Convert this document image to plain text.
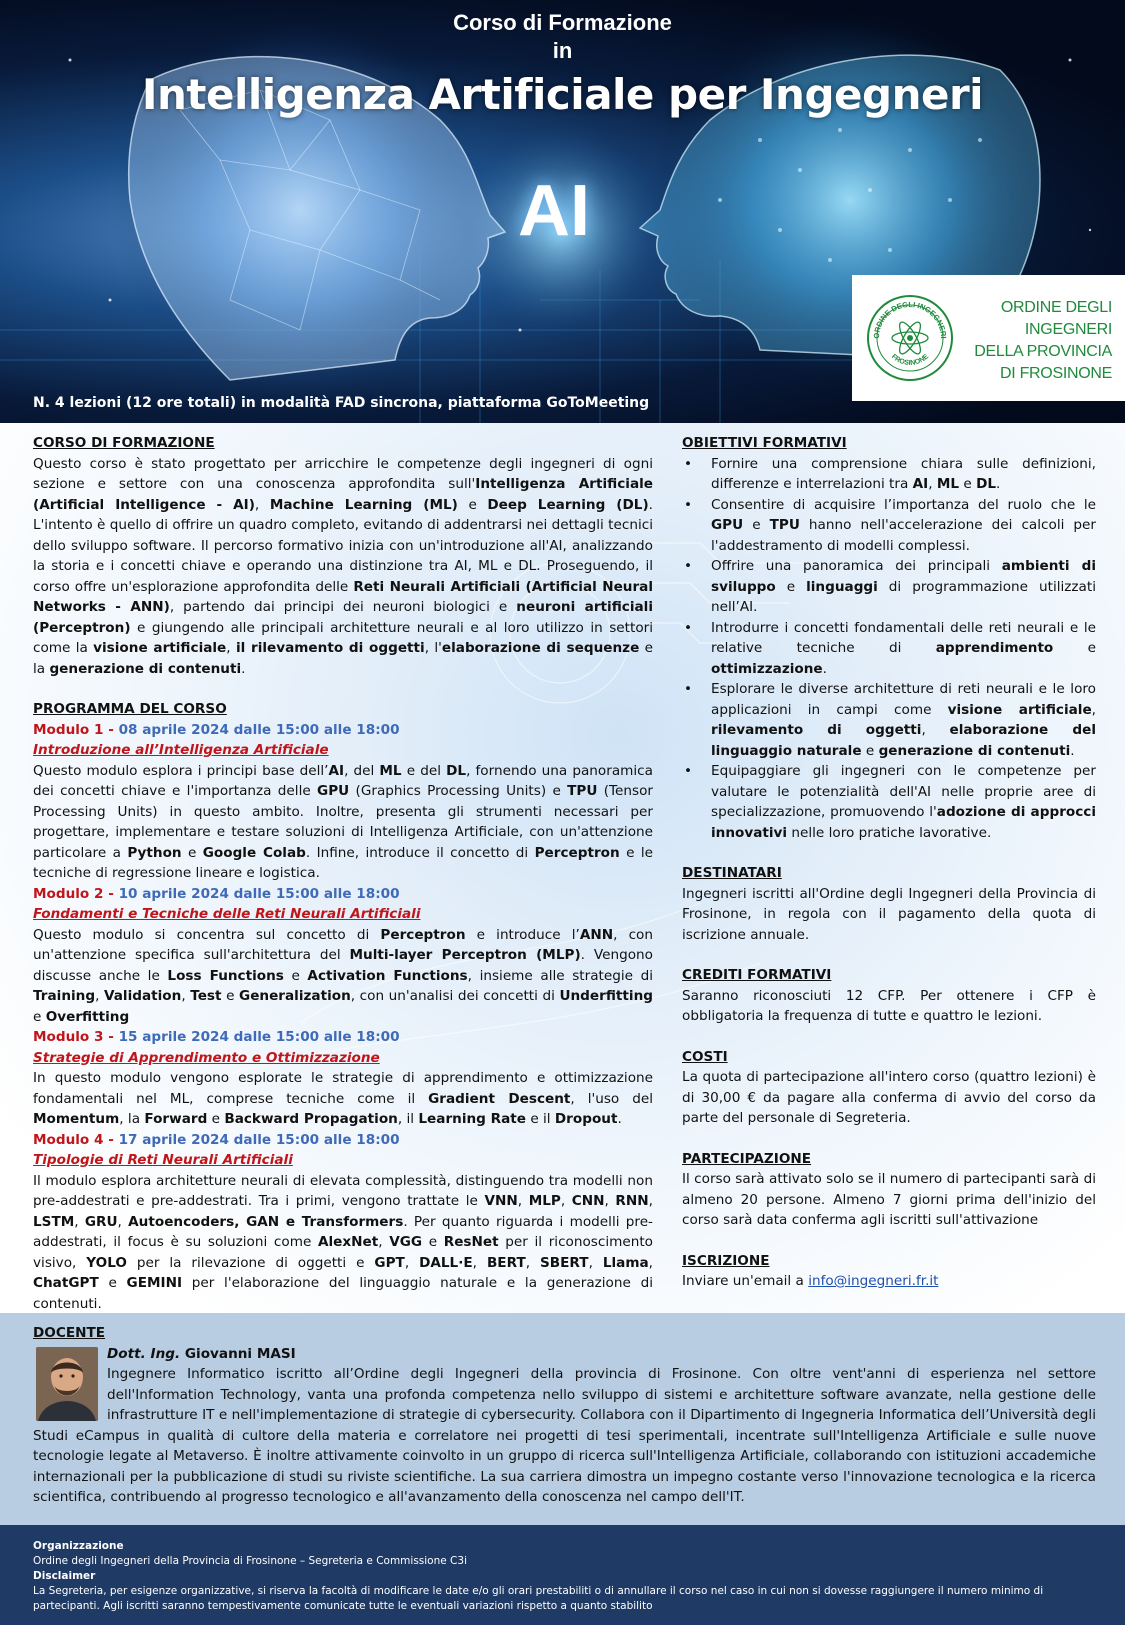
Corso di Formazione
in
Intelligenza Artificiale per Ingegneri
AI
N. 4 lezioni (12 ore totali) in modalità FAD sincrona, piattaforma GoToMeeting
ORDINE DEGLI INGEGNERI
FROSINONE
ORDINE DEGLI INGEGNERI
DELLA PROVINCIA
DI FROSINONE

CORSO DI FORMAZIONE

Questo corso è stato progettato per arricchire le competenze degli ingegneri di ogni sezione e settore con una conoscenza approfondita sull'Intelligenza Artificiale (Artificial Intelligence - AI), Machine Learning (ML) e Deep Learning (DL). L'intento è quello di offrire un quadro completo, evitando di addentrarsi nei dettagli tecnici dello sviluppo software. Il percorso formativo inizia con un'introduzione all'AI, analizzando la storia e i concetti chiave e operando una distinzione tra AI, ML e DL. Proseguendo, il corso offre un'esplorazione approfondita delle Reti Neurali Artificiali (Artificial Neural Networks - ANN), partendo dai principi dei neuroni biologici e neuroni artificiali (Perceptron) e giungendo alle principali architetture neurali e al loro utilizzo in settori come la visione artificiale, il rilevamento di oggetti, l'elaborazione di sequenze e la generazione di contenuti.

PROGRAMMA DEL CORSO

Modulo 1 - 08 aprile 2024 dalle 15:00 alle 18:00

Introduzione all’Intelligenza Artificiale

Questo modulo esplora i principi base dell’AI, del ML e del DL, fornendo una panoramica dei concetti chiave e l'importanza delle GPU (Graphics Processing Units) e TPU (Tensor Processing Units) in questo ambito. Inoltre, presenta gli strumenti necessari per progettare, implementare e testare soluzioni di Intelligenza Artificiale, con un'attenzione particolare a Python e Google Colab. Infine, introduce il concetto di Perceptron e le tecniche di regressione lineare e logistica.

Modulo 2 - 10 aprile 2024 dalle 15:00 alle 18:00

Fondamenti e Tecniche delle Reti Neurali Artificiali

Questo modulo si concentra sul concetto di Perceptron e introduce l’ANN, con un'attenzione specifica sull'architettura del Multi-layer Perceptron (MLP). Vengono discusse anche le Loss Functions e Activation Functions, insieme alle strategie di Training, Validation, Test e Generalization, con un'analisi dei concetti di Underfitting e Overfitting

Modulo 3 - 15 aprile 2024 dalle 15:00 alle 18:00

Strategie di Apprendimento e Ottimizzazione

In questo modulo vengono esplorate le strategie di apprendimento e ottimizzazione fondamentali nel ML, comprese tecniche come il Gradient Descent, l'uso del Momentum, la Forward e Backward Propagation, il Learning Rate e il Dropout.

Modulo 4 - 17 aprile 2024 dalle 15:00 alle 18:00

Tipologie di Reti Neurali Artificiali

Il modulo esplora architetture neurali di elevata complessità, distinguendo tra modelli non pre-addestrati e pre-addestrati. Tra i primi, vengono trattate le VNN, MLP, CNN, RNN, LSTM, GRU, Autoencoders, GAN e Transformers. Per quanto riguarda i modelli pre-addestrati, il focus è su soluzioni come AlexNet, VGG e ResNet per il riconoscimento visivo, YOLO per la rilevazione di oggetti e GPT, DALL·E, BERT, SBERT, Llama, ChatGPT e GEMINI per l'elaborazione del linguaggio naturale e la generazione di contenuti.

OBIETTIVI FORMATIVI

• Fornire una comprensione chiara sulle definizioni, differenze e interrelazioni tra AI, ML e DL.
• Consentire di acquisire l’importanza del ruolo che le GPU e TPU hanno nell'accelerazione dei calcoli per l'addestramento di modelli complessi.
• Offrire una panoramica dei principali ambienti di sviluppo e linguaggi di programmazione utilizzati nell’AI.
• Introdurre i concetti fondamentali delle reti neurali e le relative tecniche di apprendimento e ottimizzazione.
• Esplorare le diverse architetture di reti neurali e le loro applicazioni in campi come visione artificiale, rilevamento di oggetti, elaborazione del linguaggio naturale e generazione di contenuti.
• Equipaggiare gli ingegneri con le competenze per valutare le potenzialità dell'AI nelle proprie aree di specializzazione, promuovendo l'adozione di approcci innovativi nelle loro pratiche lavorative.

DESTINATARI

Ingegneri iscritti all'Ordine degli Ingegneri della Provincia di Frosinone, in regola con il pagamento della quota di iscrizione annuale.

CREDITI FORMATIVI

Saranno riconosciuti 12 CFP. Per ottenere i CFP è obbligatoria la frequenza di tutte e quattro le lezioni.

COSTI

La quota di partecipazione all'intero corso (quattro lezioni) è di 30,00 € da pagare alla conferma di avvio del corso da parte del personale di Segreteria.

PARTECIPAZIONE

Il corso sarà attivato solo se il numero di partecipanti sarà di almeno 20 persone. Almeno 7 giorni prima dell'inizio del corso sarà data conferma agli iscritti sull'attivazione

ISCRIZIONE

Inviare un'email a info@ingegneri.fr.it

DOCENTE

Dott. Ing. Giovanni MASI
Ingegnere Informatico iscritto all’Ordine degli Ingegneri della provincia di Frosinone. Con oltre vent'anni di esperienza nel settore dell'Information Technology, vanta una profonda competenza nello sviluppo di sistemi e architetture software avanzate, nella gestione delle infrastrutture IT e nell'implementazione di strategie di cybersecurity. Collabora con il Dipartimento di Ingegneria Informatica dell’Università degli Studi eCampus in qualità di cultore della materia e correlatore nei progetti di tesi sperimentali, incentrate sull'Intelligenza Artificiale e sulle nuove tecnologie legate al Metaverso. È inoltre attivamente coinvolto in un gruppo di ricerca sull'Intelligenza Artificiale, collaborando con istituzioni accademiche internazionali per la pubblicazione di studi su riviste scientifiche. La sua carriera dimostra un impegno costante verso l'innovazione tecnologica e la ricerca scientifica, contribuendo al progresso tecnologico e all'avanzamento della conoscenza nel campo dell'IT.

Organizzazione
Ordine degli Ingegneri della Provincia di Frosinone – Segreteria e Commissione C3i
Disclaimer
La Segreteria, per esigenze organizzative, si riserva la facoltà di modificare le date e/o gli orari prestabiliti o di annullare il corso nel caso in cui non si dovesse raggiungere il numero minimo di partecipanti. Agli iscritti saranno tempestivamente comunicate tutte le eventuali variazioni rispetto a quanto stabilito
